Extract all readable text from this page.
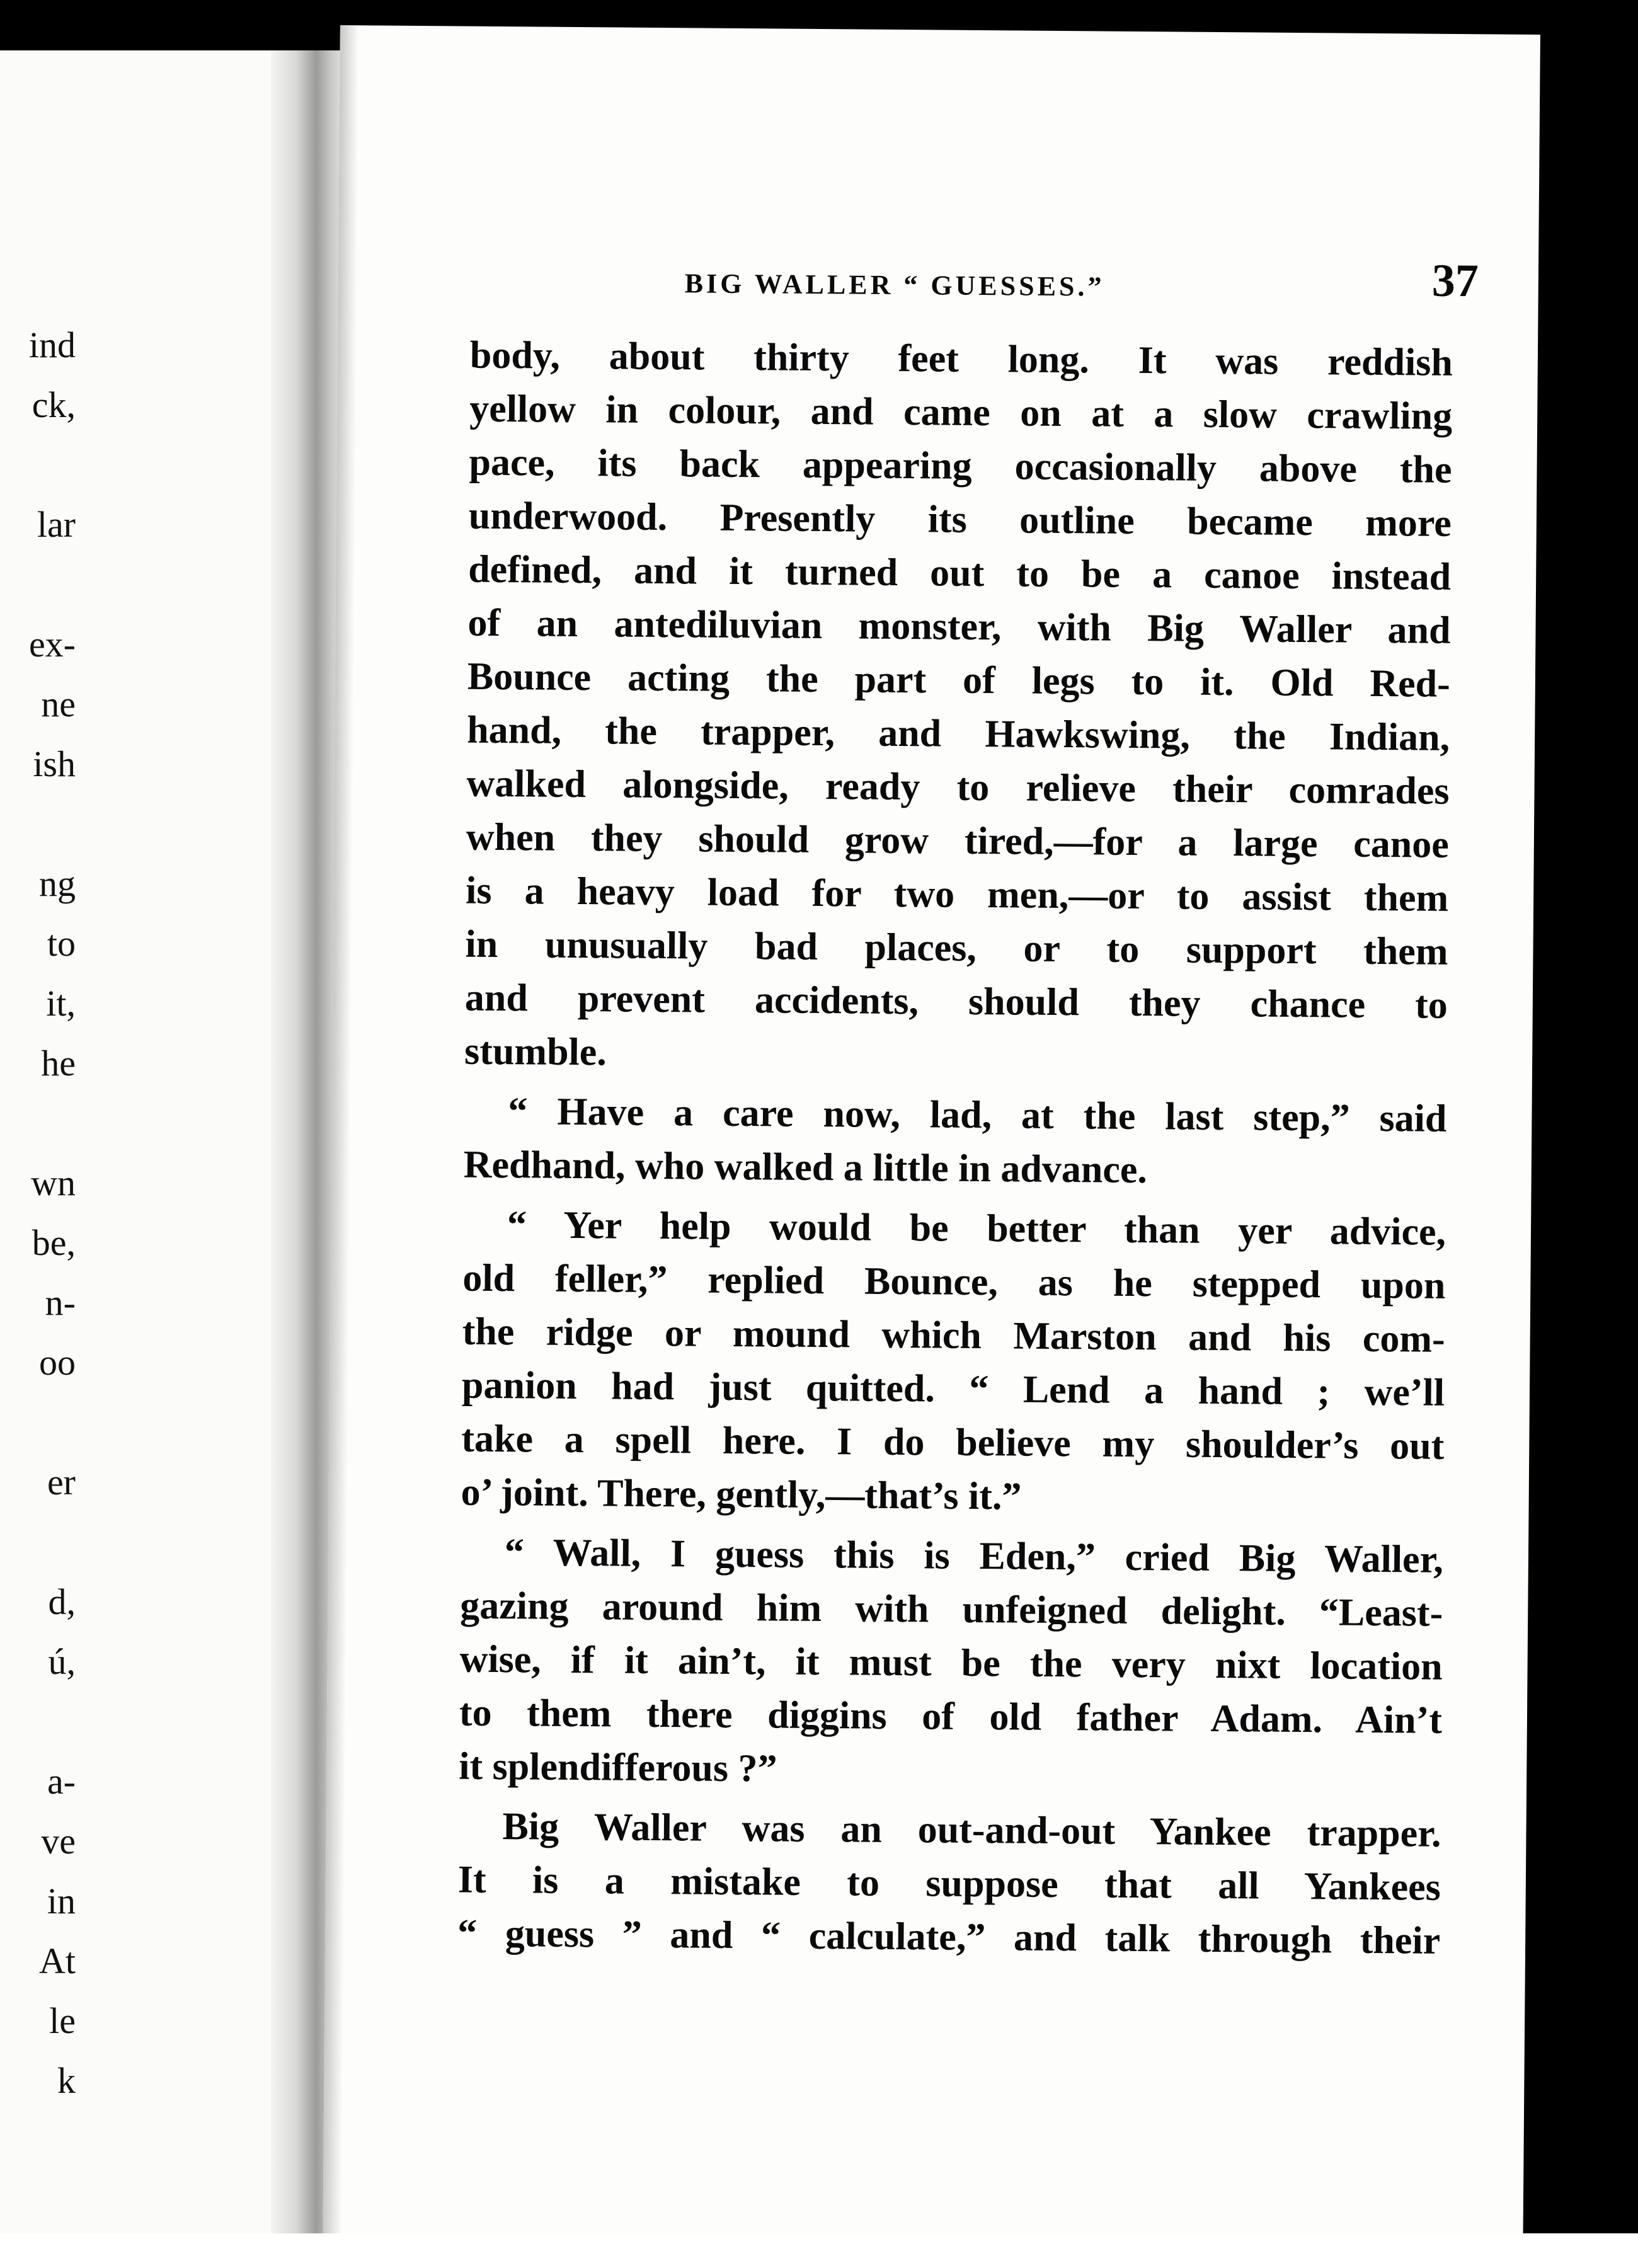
ind
ck,
lar
ex-
ne
ish
ng
to
it,
he
wn
be,
n-
oo
er
d,
ú,
a-
ve
in
At
le
k
BIG WALLER “ GUESSES.”	37
body, about thirty feet long. It was reddish
yellow in colour, and came on at a slow crawling
pace, its back appearing occasionally above the
underwood. Presently its outline became more
defined, and it turned out to be a canoe instead
of an antediluvian monster, with Big Waller and
Bounce acting the part of legs to it. Old Red-
hand, the trapper, and Hawkswing, the Indian,
walked alongside, ready to relieve their comrades
when they should grow tired,—for a large canoe
is a heavy load for two men,—or to assist them
in unusually bad places, or to support them
and prevent accidents, should they chance to
stumble.
“ Have a care now, lad, at the last step,” said
Redhand, who walked a little in advance.
“ Yer help would be better than yer advice,
old feller,” replied Bounce, as he stepped upon
the ridge or mound which Marston and his com-
panion had just quitted. “ Lend a hand ; we’ll
take a spell here. I do believe my shoulder’s out
o’ joint. There, gently,—that’s it.”
“ Wall, I guess this is Eden,” cried Big Waller,
gazing around him with unfeigned delight. “Least-
wise, if it ain’t, it must be the very nixt location
to them there diggins of old father Adam. Ain’t
it splendifferous ?”
Big Waller was an out-and-out Yankee trapper.
It is a mistake to suppose that all Yankees
“ guess ” and “ calculate,” and talk through their
